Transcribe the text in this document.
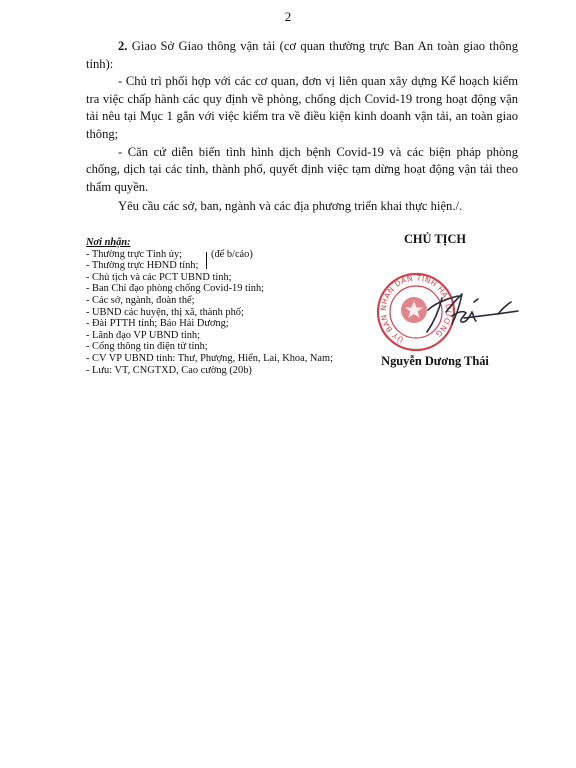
2

2. Giao Sở Giao thông vận tải (cơ quan thường trực Ban An toàn giao thông tỉnh):

- Chủ trì phối hợp với các cơ quan, đơn vị liên quan xây dựng Kế hoạch kiểm tra việc chấp hành các quy định về phòng, chống dịch Covid-19 trong hoạt động vận tải nêu tại Mục 1 gắn với việc kiểm tra về điều kiện kinh doanh vận tải, an toàn giao thông;

- Căn cứ diễn biến tình hình dịch bệnh Covid-19 và các biện pháp phòng chống, dịch tại các tỉnh, thành phố, quyết định việc tạm dừng hoạt động vận tải theo thẩm quyền.

Yêu cầu các sở, ban, ngành và các địa phương triển khai thực hiện./.

Nơi nhận:
- Thường trực Tỉnh ủy;	(để b/cáo)
- Thường trực HĐND tỉnh;
- Chủ tịch và các PCT UBND tỉnh;
- Ban Chỉ đạo phòng chống Covid-19 tỉnh;
- Các sở, ngành, đoàn thể;
- UBND các huyện, thị xã, thành phố;
- Đài PTTH tỉnh; Báo Hải Dương;
- Lãnh đạo VP UBND tỉnh;
- Cổng thông tin điện tử tỉnh;
- CV VP UBND tỉnh: Thư, Phượng, Hiển, Lai, Khoa, Nam;
- Lưu: VT, CNGTXD, Cao cường (20b)
CHỦ TỊCH
ỦY BAN NHÂN DÂN TỈNH HẢI DƯƠNG
Nguyễn Dương Thái
